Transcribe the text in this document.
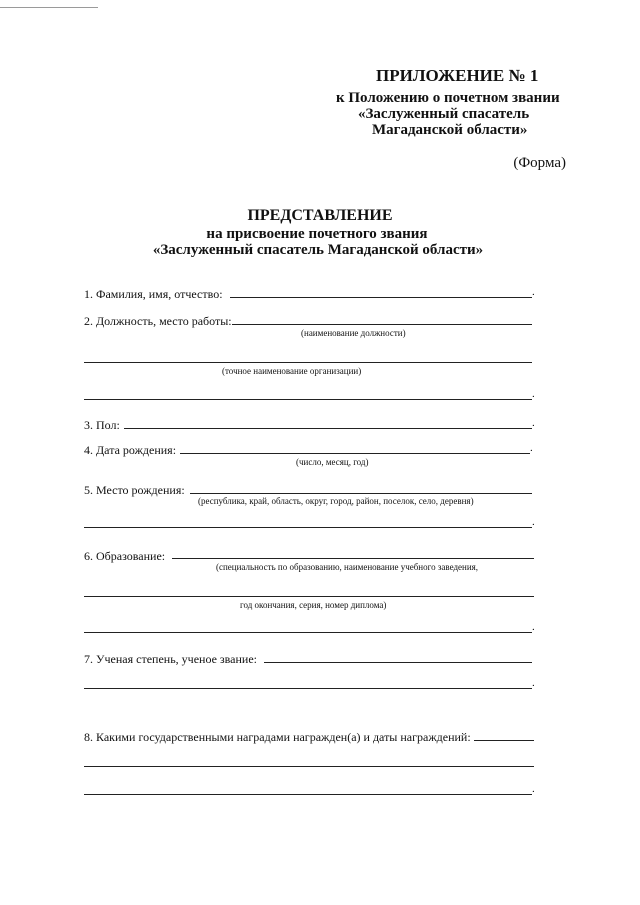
ПРИЛОЖЕНИЕ № 1
к Положению о почетном звании
«Заслуженный спасатель
Магаданской области»
(Форма)
ПРЕДСТАВЛЕНИЕ
на присвоение почетного звания
«Заслуженный спасатель Магаданской области»
1. Фамилия, имя, отчество:	.
2. Должность, место работы:
(наименование должности)
(точное наименование организации)
.
3. Пол:	.
4. Дата рождения:	.
(число, месяц, год)
5. Место рождения:
(республика, край, область, округ, город, район, поселок, село, деревня)
.
6. Образование:
(специальность по образованию, наименование учебного заведения,
год окончания, серия, номер диплома)
.
7. Ученая степень, ученое звание:
.
8. Какими государственными наградами награжден(а) и даты награждений:
.
